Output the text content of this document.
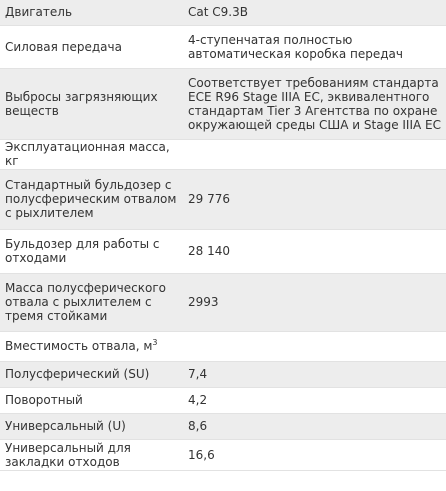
Двигатель	Cat C9.3B
Силовая передача	4-ступенчатая полностью автоматическая коробка передач
Выбросы загрязняющих веществ	Соответствует требованиям стандарта ECE R96 Stage IIIA EC, эквивалентного стандартам Tier 3 Агентства по охране окружающей среды США и Stage IIIA EC
Эксплуатационная масса, кг	
Стандартный бульдозер с полусферическим отвалом с рыхлителем	29 776
Бульдозер для работы с отходами	28 140
Масса полусферического отвала с рыхлителем с тремя стойками	2993
Вместимость отвала, $м^3$	
Полусферический (SU)	7,4
Поворотный	4,2
Универсальный (U)	8,6
Универсальный для закладки отходов	16,6
